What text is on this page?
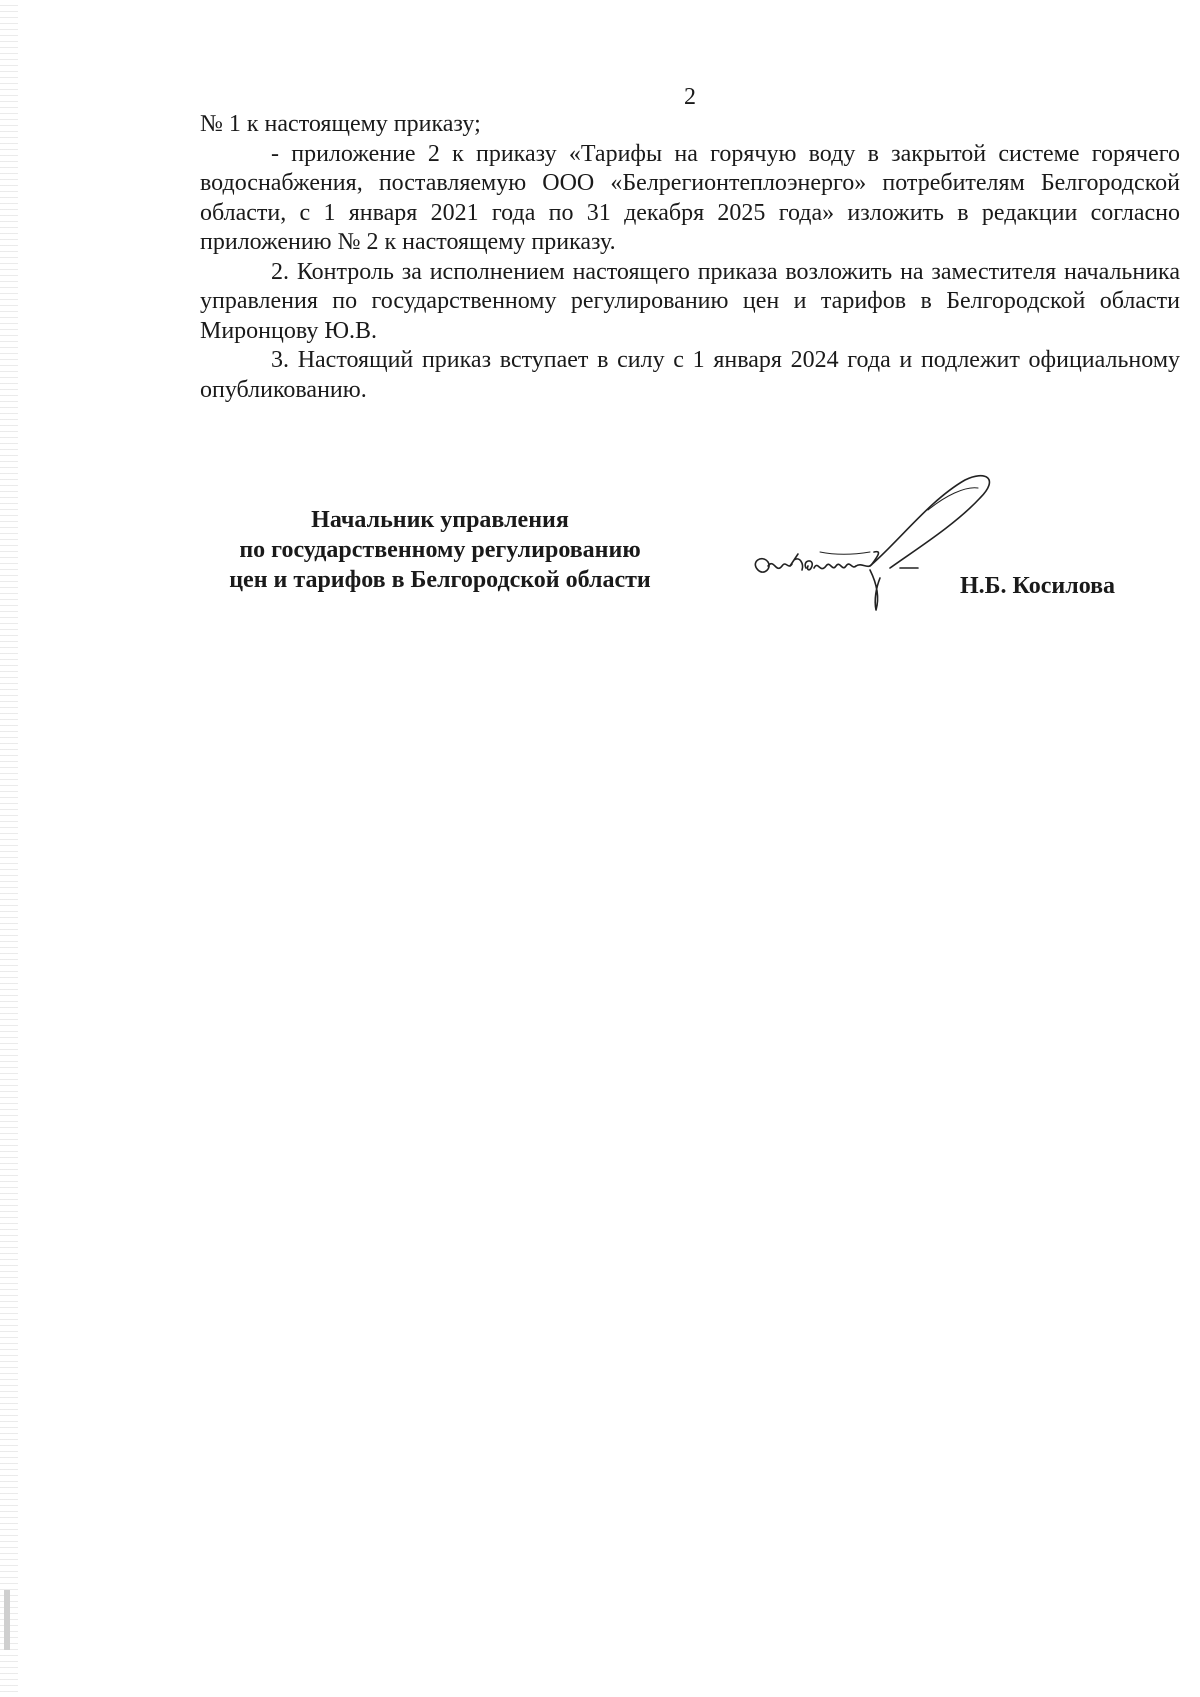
2

№ 1 к настоящему приказу;

- приложение 2 к приказу «Тарифы на горячую воду в закрытой системе горячего водоснабжения, поставляемую ООО «Белрегионтеплоэнерго» потребителям Белгородской области, с 1 января 2021 года по 31 декабря 2025 года» изложить в редакции согласно приложению № 2 к настоящему приказу.

2. Контроль за исполнением настоящего приказа возложить на заместителя начальника управления по государственному регулированию цен и тарифов в Белгородской области Мирoнцову Ю.В.

3. Настоящий приказ вступает в силу с 1 января 2024 года и подлежит официальному опубликованию.

Начальник управления
по государственному регулированию
цен и тарифов в Белгородской области	Н.Б. Косилова
